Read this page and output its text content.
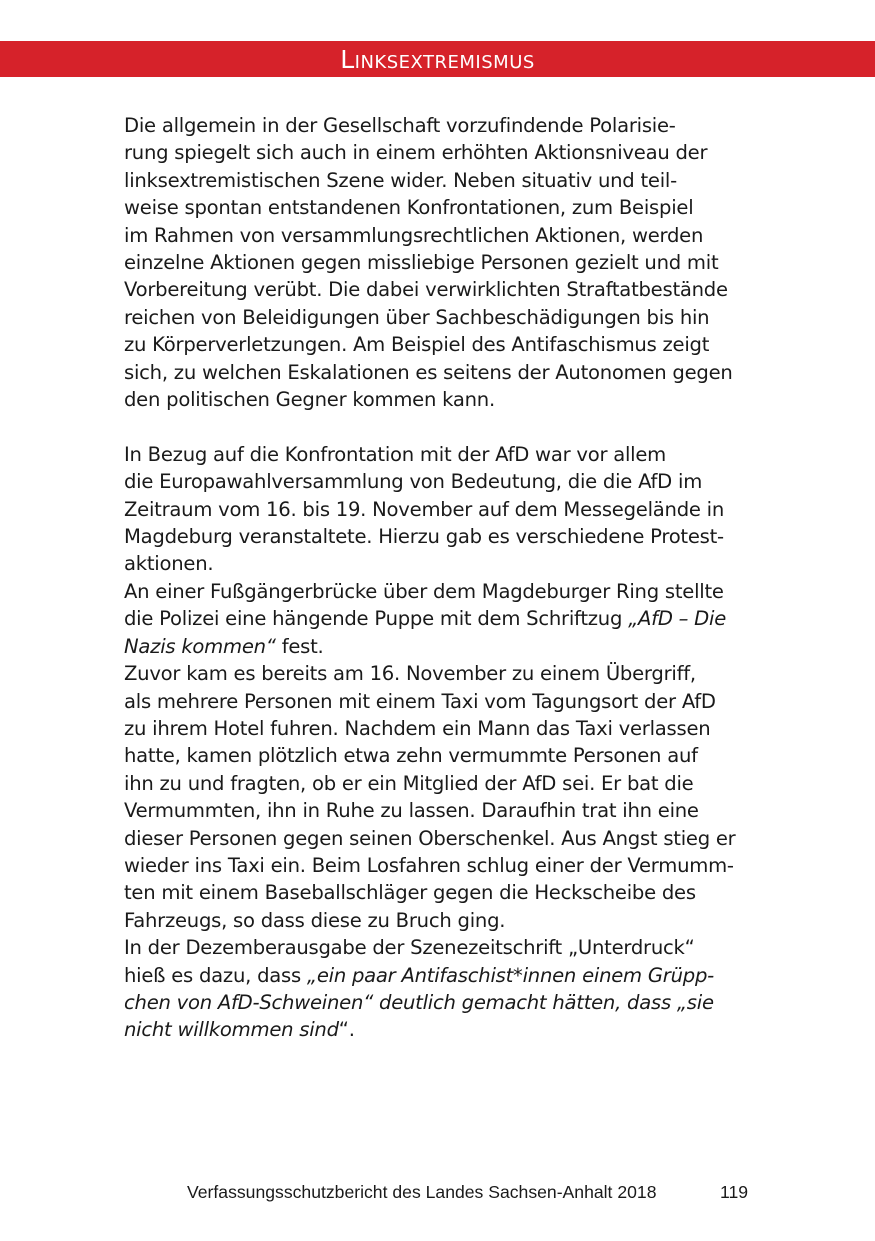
Linksextremismus
Die allgemein in der Gesellschaft vorzufindende Polarisie-
rung spiegelt sich auch in einem erhöhten Aktionsniveau der
linksextremistischen Szene wider. Neben situativ und teil-
weise spontan entstandenen Konfrontationen, zum Beispiel
im Rahmen von versammlungsrechtlichen Aktionen, werden
einzelne Aktionen gegen missliebige Personen gezielt und mit
Vorbereitung verübt. Die dabei verwirklichten Straftatbestände
reichen von Beleidigungen über Sachbeschädigungen bis hin
zu Körperverletzungen. Am Beispiel des Antifaschismus zeigt
sich, zu welchen Eskalationen es seitens der Autonomen gegen
den politischen Gegner kommen kann.
In Bezug auf die Konfrontation mit der AfD war vor allem
die Europawahlversammlung von Bedeutung, die die AfD im
Zeitraum vom 16. bis 19. November auf dem Messegelände in
Magdeburg veranstaltete. Hierzu gab es verschiedene Protest-
aktionen.
An einer Fußgängerbrücke über dem Magdeburger Ring stellte
die Polizei eine hängende Puppe mit dem Schriftzug „AfD – Die
Nazis kommen“ fest.
Zuvor kam es bereits am 16. November zu einem Übergriff,
als mehrere Personen mit einem Taxi vom Tagungsort der AfD
zu ihrem Hotel fuhren. Nachdem ein Mann das Taxi verlassen
hatte, kamen plötzlich etwa zehn vermummte Personen auf
ihn zu und fragten, ob er ein Mitglied der AfD sei. Er bat die
Vermummten, ihn in Ruhe zu lassen. Daraufhin trat ihn eine
dieser Personen gegen seinen Oberschenkel. Aus Angst stieg er
wieder ins Taxi ein. Beim Losfahren schlug einer der Vermumm-
ten mit einem Baseballschläger gegen die Heckscheibe des
Fahrzeugs, so dass diese zu Bruch ging.
In der Dezemberausgabe der Szenezeitschrift „Unterdruck“
hieß es dazu, dass „ein paar Antifaschist*innen einem Grüpp-
chen von AfD-Schweinen“ deutlich gemacht hätten, dass „sie
nicht willkommen sind“.
Verfassungsschutzbericht des Landes Sachsen-Anhalt 2018	119
